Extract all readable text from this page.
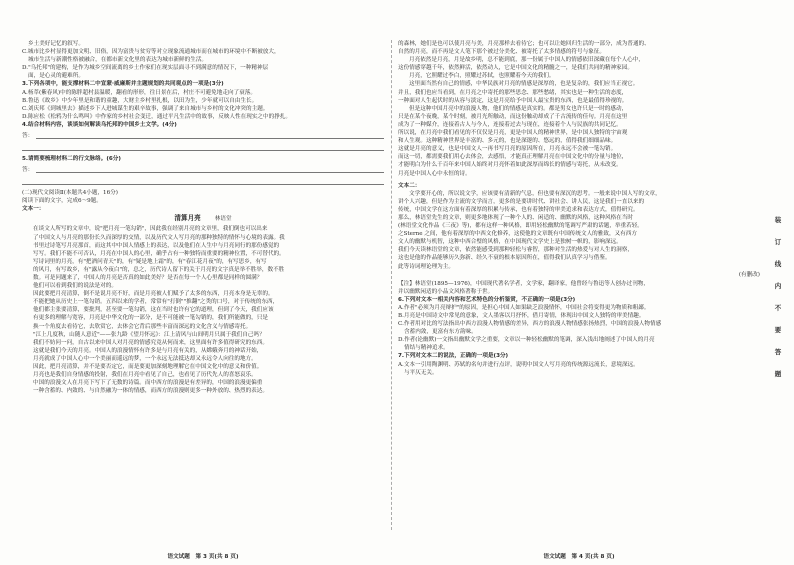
乡土美好记忆的叙写。
C.城市比乡村显得更加文明、旧俗，因为富贵与贫穷等对立现象流通城市而在城市的环境中不断被放大，
城市生活与新潮性格被融合，在都市新文化里的表达为城市新鲜的生活。
D."乌托邦"的建构，是作为城乡空间流离的乡土作家们在现实层面寻不到满意的情况下，一种精神层
面，是心灵的避难所。
3.下列各项中，能支撑材料二中宣蒙·威廉斯并主题规划的共同观点的一项是(3分)
A.杨萃(紫春风)中的陈胖超村县温暖，翻看的形形，往日景在后，村庄不可避免地走向了衰落。
B.鲁迅《故乡》中少年里是和谐的童趣，大财主乡村里扎根，以田为生，少年就可以自由生长。
C.刘庆邦《到城里去》描述乡下人进城谋生的艰辛故事，强调了来自城市与乡村的文化冲突的主题。
D.陈应松《松鸦为什么鸣叫》中作家的乡村社会变迁，通过平凡生活中的故事，反映人性在现实之中的挣扎。
4.结合材料内容，谈谈如何解读乌托邦的中国乡土文学。(4分)
答：
5.请简要梳理材料二的行文脉络。(6分)
答：
(二)现代文阅读Ⅱ(本题共4小题，16分)
阅读下面的文字，完成6～9题。
文本一：
清算月亮	林语堂
在谈文人所写的文章中，说"把月亮一笔勾销"，因此我在经别月亮的文章里，我们倒也可以出来
了中国文人与月亮的那份长久而深厚的交情，以及历代文人写月亮的那种独特的情怀与心境的表露。我
书里过诗笔写月亮那首，而这其中中国人情感上的表达，以及他们在人生中与月亮同行的那份感觉的
写写。我们不能不可否认，月亮在中国人的心里，确乎占有一种独特而重要的精神位置，不可替代的。
写诗词里的月亮，有"把酒问青天"的，有"疑是地上霜"的，有"春江花月夜"的，有写思乡，有写
的风月，有写故乡，有"露从今夜白"的，总之，历代诗人留下的关于月亮的文字真是举不胜举，数不胜
数。可是问题来了，中国人的月亮是否真的如此美好？是否在每一个人心里都是同样的圆满？
他们可以看到我们的说法是对的。
因此要把月亮清算，倒不是说月亮不好，而是月亮被人们赋予了太多的东西，月亮本身是无辜的。
不能把她从历史上一笔勾销。五四以来的学者，常常有"打倒""推翻"之类的口号，对于传统的东西，
他们都主张要清算，要批判，甚至要一笔勾销，这在当时也许有它的道理，但到了今天，我们应该
有更多的理解与宽容，月亮是中华文化的一部分，是不可能被一笔勾销的，我们所能做的，只是
换一个角度去看待它，去欣赏它，去体会它背后那些丰富而深远的文化含义与情感寄托。
"江上几度秋，山随人意近"——张九龄《望月怀远》：江上清风与山间明月只属于我们自己吗？
我们不妨问一问，自古以来中国人对月亮的情感究竟从何而来，这里面有许多值得研究的东西。
这就是我们今天的月亮。中国人的浪漫情怀有许多是与月亮有关的，从嫦娥奔月的神话开始，
月亮就成了中国人心中一个美丽而遥远的梦，一个永远无法抵达却又永远令人向往的地方。
因此，把月亮清算，并不是要否定它，而是要更加深刻地理解它在中国文化中的意义和价值。
月亮也是我们自身情感的投射，我们在月亮中看见了自己，也看见了历代先人的喜怒哀乐。
中国的浪漫文人在月亮下写下了无数的诗篇。而中西方的浪漫是有差异的，中国的浪漫更偏重
一种含蓄的、内敛的、与自然融为一体的情感，而西方的浪漫则更多一种外放的、热烈的表达。
语文试题　第 3 页(共 8 页)
的森林，她们是也可以使月亮与美，月亮那样去看待它；也可以让她回归生活的一部分，成为普通的、
自然的月亮，而不再是文人笔下那个被过分美化、被寄托了太多情感的符号与象征。
月亮依然是月亮，月是故乡明，总不能到底，那一份属于中国人的情感依旧深藏在每个人心中，
这份情感穿越千年，依然鲜活，依然动人，它是中国文化的精髓之一，是我们共同的精神家园。
月亮，它照耀过李白，照耀过苏轼，也照耀着今天的我们。
这里面当然有自己的情感，中华民族对月亮的情感是深厚的，也是复杂的，我们应当正视它。
并且，我们也应当看到，在月亮之中寄托的那些思念、那些愁绪，其实也是一种生活的态度，
一种面对人生起伏时的从容与淡定，这是月亮给予中国人最宝贵的东西，也是最值得珍视的。
但是这种中国月亮中的浪漫人物，他们的情感是真实的。都是男女也许只是一时的感动，
只是在某个夜晚，某个时刻，被月光所触动，而这份触动却成了千古流传的佳句。月亮在这里
成为了一种媒介，连接着古人与今人，连接着过去与现在，连接着个人与民族的共同记忆。
所以说，在月亮中我们看见的不仅仅是月亮，更是中国人的精神世界，是中国人独特的宇宙观
和人生观。这种精神世界是丰富的、多元的，也是深邃的、悠远的，值得我们细细品味。
这就是月亮的意义，也是中国文人一再书写月亮的原因所在，月亮永远不会被一笔勾销。
而这一切，都需要我们用心去体会，去感悟，才能真正理解月亮在中国文化中的分量与地位，
才能明白为什么千百年来中国人始终对月亮怀着如此深厚而绵长的情感与寄托，从未改变。
月亮是中国人心中永恒的诗。
文本二：
文学要开心的，所以说文学，应该要有清新的气息，但也要有深沉的思考。一般来说中国人写的文章，
讲个人兴趣，但是作为主流的文学而言，更多的是要讲时代、讲社会、讲人民，这是我们一直以来的
传统，中国文学在这方面有着深厚的积累与传承，也有着独特的审美追求和表达方式，值得研究。
那么，林语堂先生的文章，则更多地体现了一种个人的、闲适的、幽默的风格，这种风格在当时
(林语堂文化作品《三夜》等)，都有这样一种风格，即用轻松幽默的笔调写严肃的话题，举重若轻。
之Sterne 之间，他有着深厚的中西文化修养，这使他的文章既有中国传统文人的雅致，又有西方
文人的幽默与机智，这种中西合璧的风格，在中国现代文学史上是独树一帜的，影响深远。
我们今天读林语堂的文章，依然能感受到那种轻松与睿智，那种对生活的热爱与对人生的洞察，
这也是他的作品能够历久弥新、经久不衰的根本原因所在，值得我们认真学习与借鉴。
此等诗词理论理为主。
(有删改)
【注】林语堂(1895—1976)，中国现代著名学者，文学家，翻译家，他曾经与鲁迅等人创办过刊物，
并以幽默闲适的小品文风格著称于世。
6.下列对文本一相关内容和艺术特色的分析鉴赏，不正确的一项是(3分)
A.作者"必须为月亮辩护"的原因，是担心中国人如果缺乏浪漫情怀，中国社会将变得更为物质和粗鄙。
B.月亮是中国诗文中常见的意象，文人墨客以月抒怀，借月寄情，体现出中国文人独特的审美情趣。
C.作者用对比的写法指出中西方浪漫人物情感的差异，西方的浪漫人物情感张扬热烈，中国的浪漫人物情感
含蓄内敛，更富有东方韵味。
D.作者(论幽默)一文指出幽默文学之重要，文章以一种轻松幽默的笔调，深入浅出地阐述了中国人的月亮
情结与精神追求。
7.下列对文本二的说法，正确的一项是(3分)
A.文本一引用陶渊明、苏轼的名句并进行点评，说明中国文人写月亮的传统源远流长，意境深远。
与平仄无关。
语文试题　第 4 页(共 8 页)
装
订
线
内
不
要
答
题
